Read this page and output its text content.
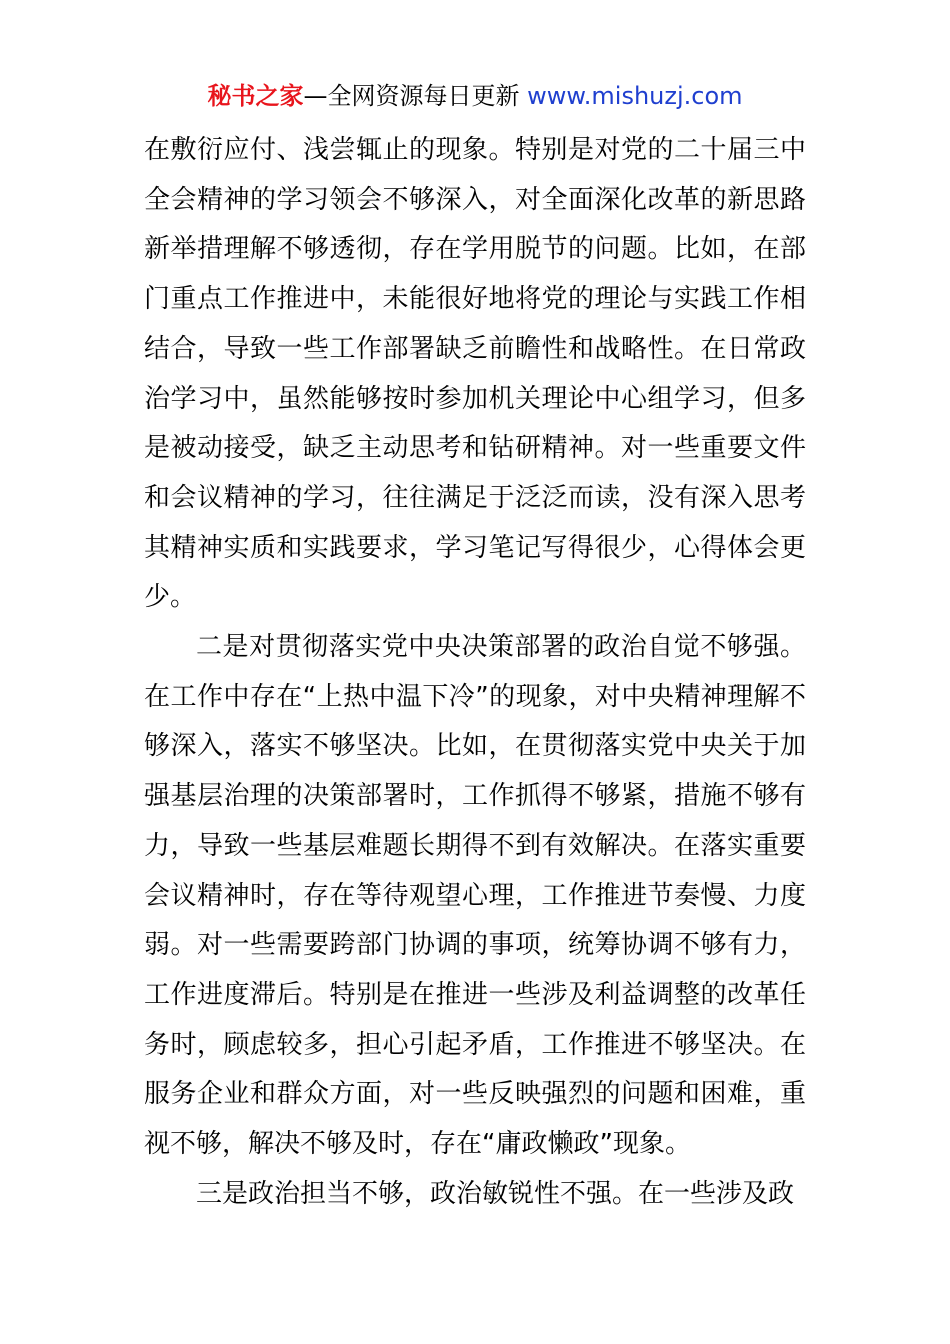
秘书之家—全网资源每日更新 www.mishuzj.com

在敷衍应付、浅尝辄止的现象。特别是对党的二十届三中全会精神的学习领会不够深入，对全面深化改革的新思路新举措理解不够透彻，存在学用脱节的问题。比如，在部门重点工作推进中，未能很好地将党的理论与实践工作相结合，导致一些工作部署缺乏前瞻性和战略性。在日常政治学习中，虽然能够按时参加机关理论中心组学习，但多是被动接受，缺乏主动思考和钻研精神。对一些重要文件和会议精神的学习，往往满足于泛泛而读，没有深入思考其精神实质和实践要求，学习笔记写得很少，心得体会更少。

二是对贯彻落实党中央决策部署的政治自觉不够强。在工作中存在“上热中温下冷”的现象，对中央精神理解不够深入，落实不够坚决。比如，在贯彻落实党中央关于加强基层治理的决策部署时，工作抓得不够紧，措施不够有力，导致一些基层难题长期得不到有效解决。在落实重要会议精神时，存在等待观望心理，工作推进节奏慢、力度弱。对一些需要跨部门协调的事项，统筹协调不够有力，工作进度滞后。特别是在推进一些涉及利益调整的改革任务时，顾虑较多，担心引起矛盾，工作推进不够坚决。在服务企业和群众方面，对一些反映强烈的问题和困难，重视不够，解决不够及时，存在“庸政懒政”现象。

三是政治担当不够，政治敏锐性不强。在一些涉及政
